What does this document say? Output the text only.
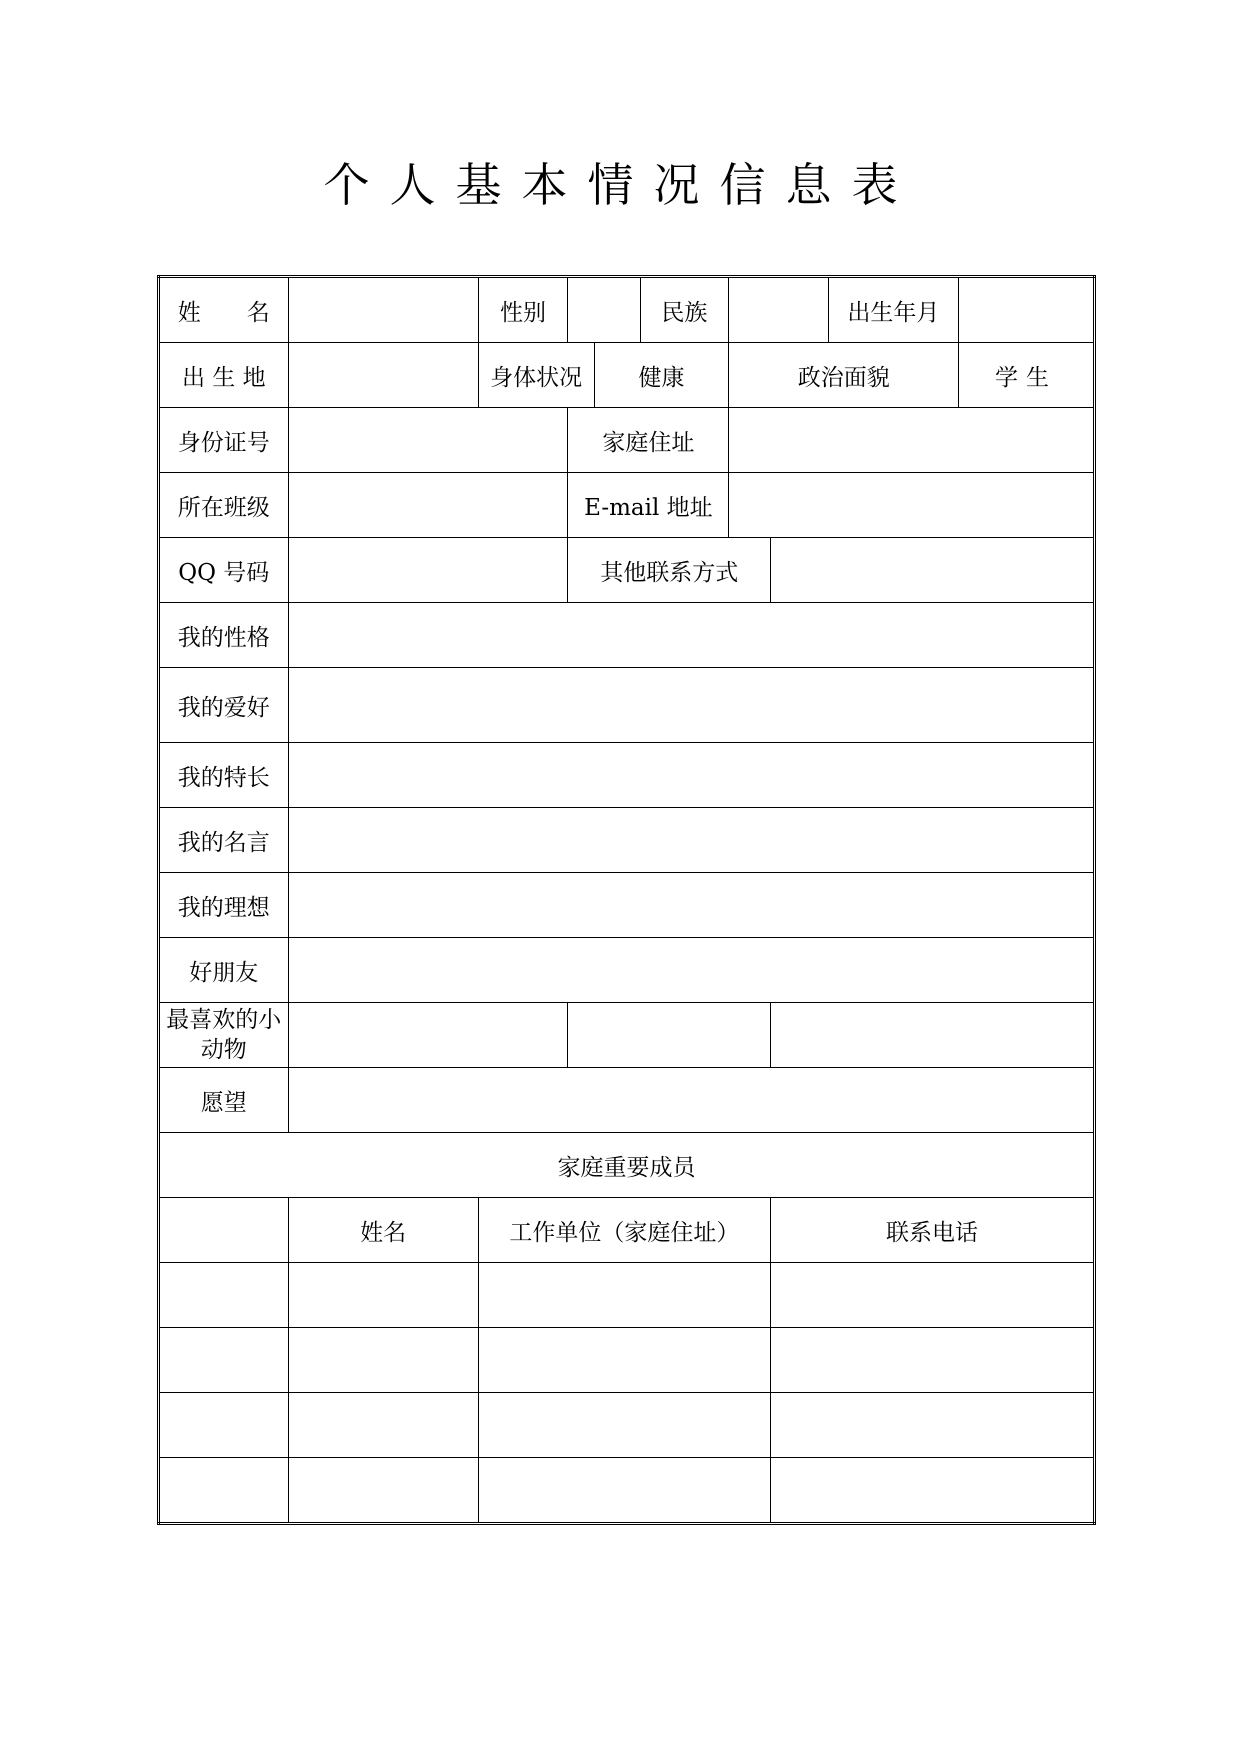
个人基本情况信息表
姓　　名		性别			民族			出生年月	
出 生 地		身体状况		健康		政治面貌			学生
身份证号			家庭住址						
所在班级			E-mail 地址						
QQ 号码			其他联系方式						
我的性格									
我的爱好									
我的特长									
我的名言									
我的理想									
好朋友									
最喜欢的小动物									
愿望									
家庭重要成员									
	姓名	工作单位（家庭住址）					联系电话		
